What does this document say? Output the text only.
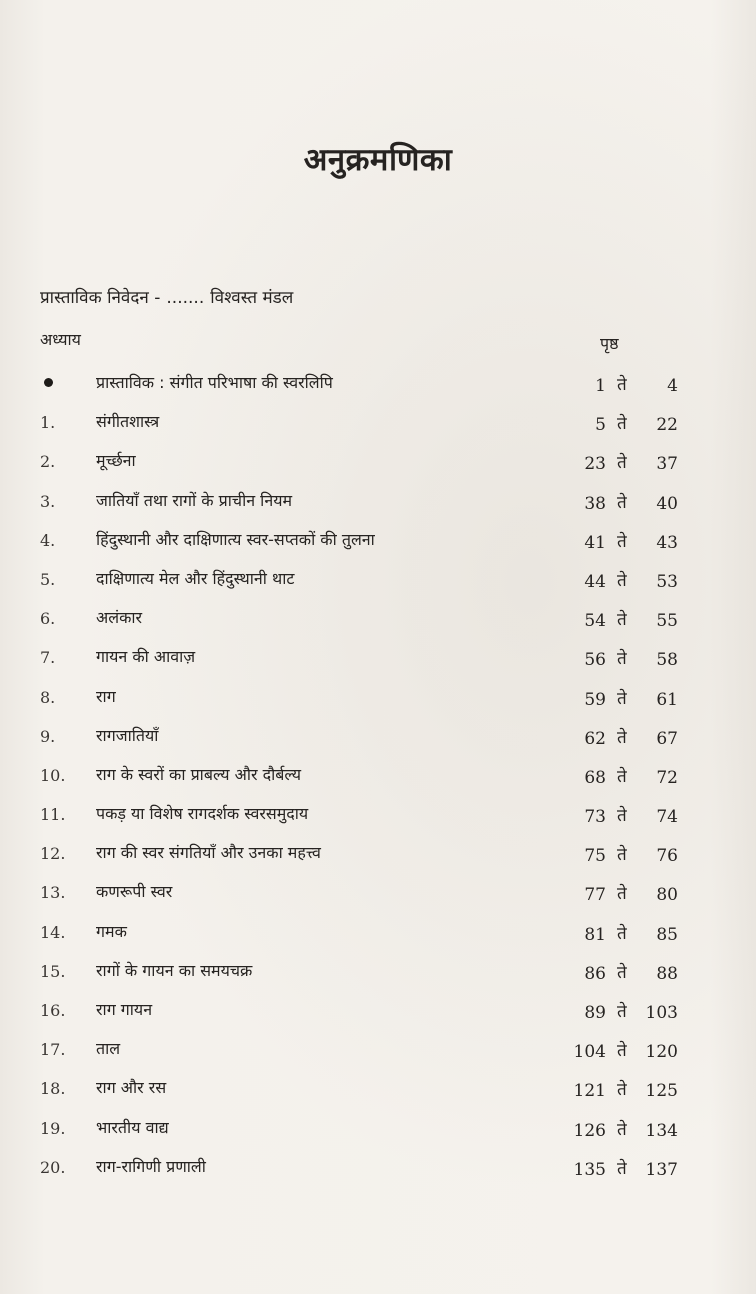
अनुक्रमणिका
प्रास्ताविक निवेदन - ....... विश्वस्त मंडल
अध्याय	पृष्ठ
प्रास्ताविक : संगीत परिभाषा की स्वरलिपि	1 ते 4
1.	संगीतशास्त्र	5 ते 22
2.	मूर्च्छना	23 ते 37
3.	जातियाँ तथा रागों के प्राचीन नियम	38 ते 40
4.	हिंदुस्थानी और दाक्षिणात्य स्वर-सप्तकों की तुलना	41 ते 43
5.	दाक्षिणात्य मेल और हिंदुस्थानी थाट	44 ते 53
6.	अलंकार	54 ते 55
7.	गायन की आवाज़	56 ते 58
8.	राग	59 ते 61
9.	रागजातियाँ	62 ते 67
10. राग के स्वरों का प्राबल्य और दौर्बल्य	68 ते 72
11. पकड़ या विशेष रागदर्शक स्वरसमुदाय	73 ते 74
12. राग की स्वर संगतियाँ और उनका महत्त्व	75 ते 76
13. कणरूपी स्वर	77 ते 80
14. गमक	81 ते 85
15. रागों के गायन का समयचक्र	86 ते 88
16. राग गायन	89 ते 103
17. ताल	104 ते 120
18. राग और रस	121 ते 125
19. भारतीय वाद्य	126 ते 134
20. राग-रागिणी प्रणाली	135 ते 137
